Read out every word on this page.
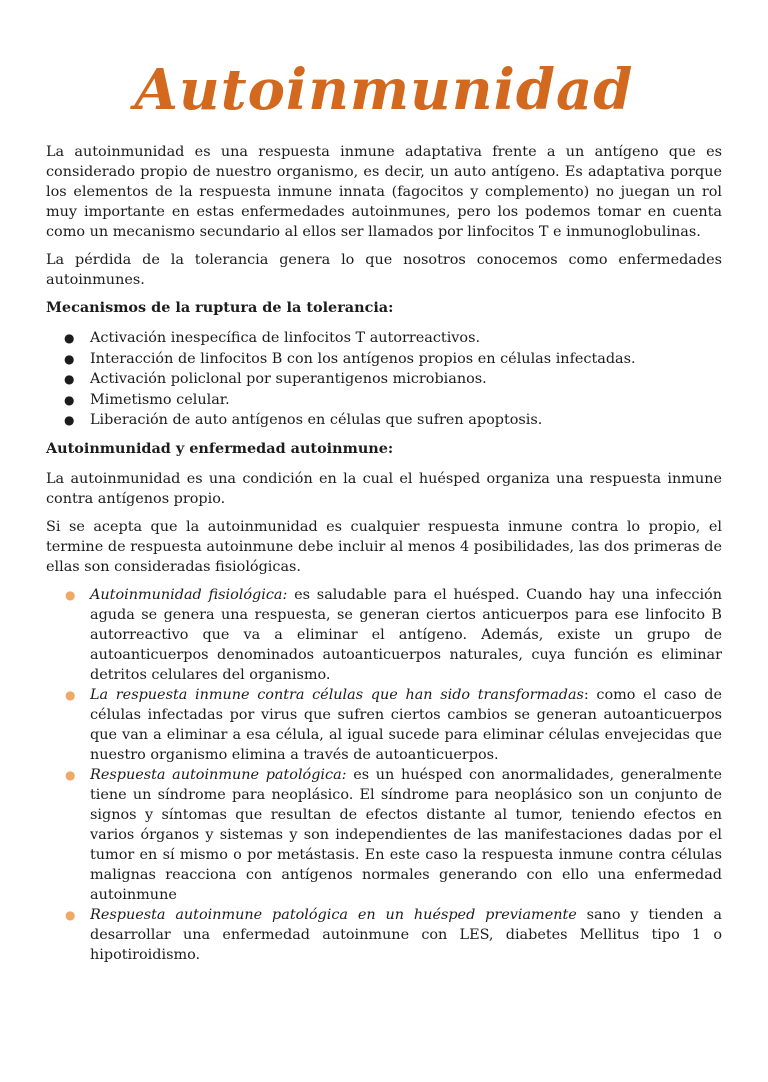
Autoinmunidad

La autoinmunidad es una respuesta inmune adaptativa frente a un antígeno que es considerado propio de nuestro organismo, es decir, un auto antígeno. Es adaptativa porque los elementos de la respuesta inmune innata (fagocitos y complemento) no juegan un rol muy importante en estas enfermedades autoinmunes, pero los podemos tomar en cuenta como un mecanismo secundario al ellos ser llamados por linfocitos T e inmunoglobulinas.

La pérdida de la tolerancia genera lo que nosotros conocemos como enfermedades autoinmunes.

Mecanismos de la ruptura de la tolerancia:
● Activación inespecífica de linfocitos T autorreactivos.
● Interacción de linfocitos B con los antígenos propios en células infectadas.
● Activación policlonal por superantigenos microbianos.
● Mimetismo celular.
● Liberación de auto antígenos en células que sufren apoptosis.
Autoinmunidad y enfermedad autoinmune:

La autoinmunidad es una condición en la cual el huésped organiza una respuesta inmune contra antígenos propio.

Si se acepta que la autoinmunidad es cualquier respuesta inmune contra lo propio, el termine de respuesta autoinmune debe incluir al menos 4 posibilidades, las dos primeras de ellas son consideradas fisiológicas.

● Autoinmunidad fisiológica: es saludable para el huésped. Cuando hay una infección aguda se genera una respuesta, se generan ciertos anticuerpos para ese linfocito B autorreactivo que va a eliminar el antígeno. Además, existe un grupo de autoanticuerpos denominados autoanticuerpos naturales, cuya función es eliminar detritos celulares del organismo.
● La respuesta inmune contra células que han sido transformadas: como el caso de células infectadas por virus que sufren ciertos cambios se generan autoanticuerpos que van a eliminar a esa célula, al igual sucede para eliminar células envejecidas que nuestro organismo elimina a través de autoanticuerpos.
● Respuesta autoinmune patológica: es un huésped con anormalidades, generalmente tiene un síndrome para neoplásico. El síndrome para neoplásico son un conjunto de signos y síntomas que resultan de efectos distante al tumor, teniendo efectos en varios órganos y sistemas y son independientes de las manifestaciones dadas por el tumor en sí mismo o por metástasis. En este caso la respuesta inmune contra células malignas reacciona con antígenos normales generando con ello una enfermedad autoinmune
● Respuesta autoinmune patológica en un huésped previamente sano y tienden a desarrollar una enfermedad autoinmune con LES, diabetes Mellitus tipo 1 o hipotiroidismo.
